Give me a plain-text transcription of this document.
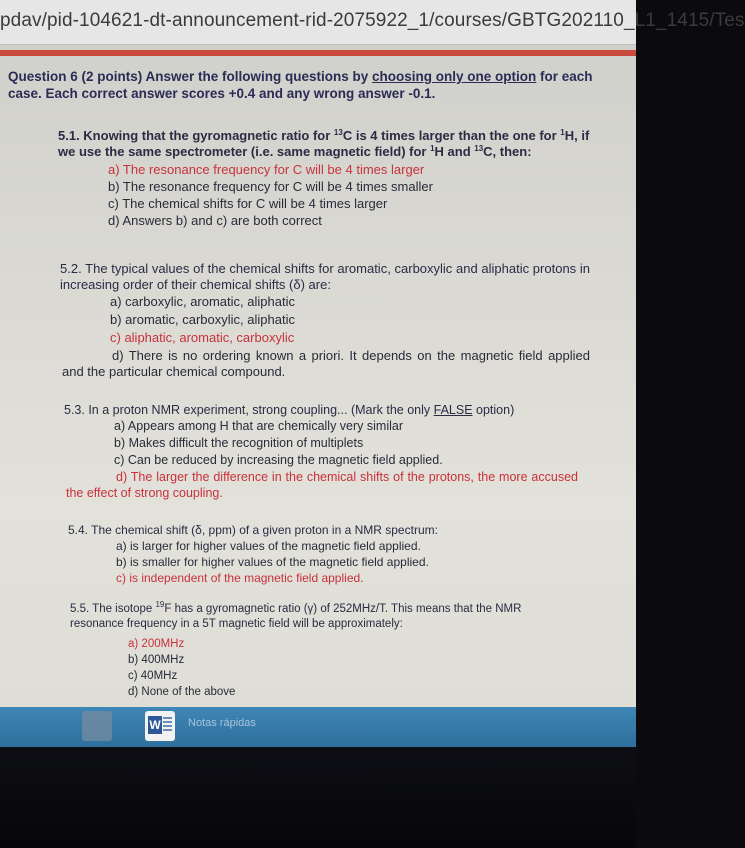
pdav/pid-104621-dt-announcement-rid-2075922_1/courses/GBTG202110_L1_1415/Tes
Question 6 (2 points) Answer the following questions by choosing only one option for each case. Each correct answer scores +0.4 and any wrong answer -0.1.
5.1. Knowing that the gyromagnetic ratio for $^{13}$C is 4 times larger than the one for $^1$H, if we use the same spectrometer (i.e. same magnetic field) for $^1$H and $^{13}$C, then:
a) The resonance frequency for C will be 4 times larger
b) The resonance frequency for C will be 4 times smaller
c) The chemical shifts for C will be 4 times larger
d) Answers b) and c) are both correct
5.2. The typical values of the chemical shifts for aromatic, carboxylic and aliphatic protons in increasing order of their chemical shifts (δ) are:
a) carboxylic, aromatic, aliphatic
b) aromatic, carboxylic, aliphatic
c) aliphatic, aromatic, carboxylic
d) There is no ordering known a priori. It depends on the magnetic field applied and the particular chemical compound.
5.3. In a proton NMR experiment, strong coupling... (Mark the only FALSE option)
a) Appears among H that are chemically very similar
b) Makes difficult the recognition of multiplets
c) Can be reduced by increasing the magnetic field applied.
d) The larger the difference in the chemical shifts of the protons, the more accused the effect of strong coupling.
5.4. The chemical shift (δ, ppm) of a given proton in a NMR spectrum:
a) is larger for higher values of the magnetic field applied.
b) is smaller for higher values of the magnetic field applied.
c) is independent of the magnetic field applied.
5.5. The isotope $^{19}$F has a gyromagnetic ratio (γ) of 252MHz/T. This means that the NMR resonance frequency in a 5T magnetic field will be approximately:
a) 200MHz
b) 400MHz
c) 40MHz
d) None of the above
W Notas rápidas
